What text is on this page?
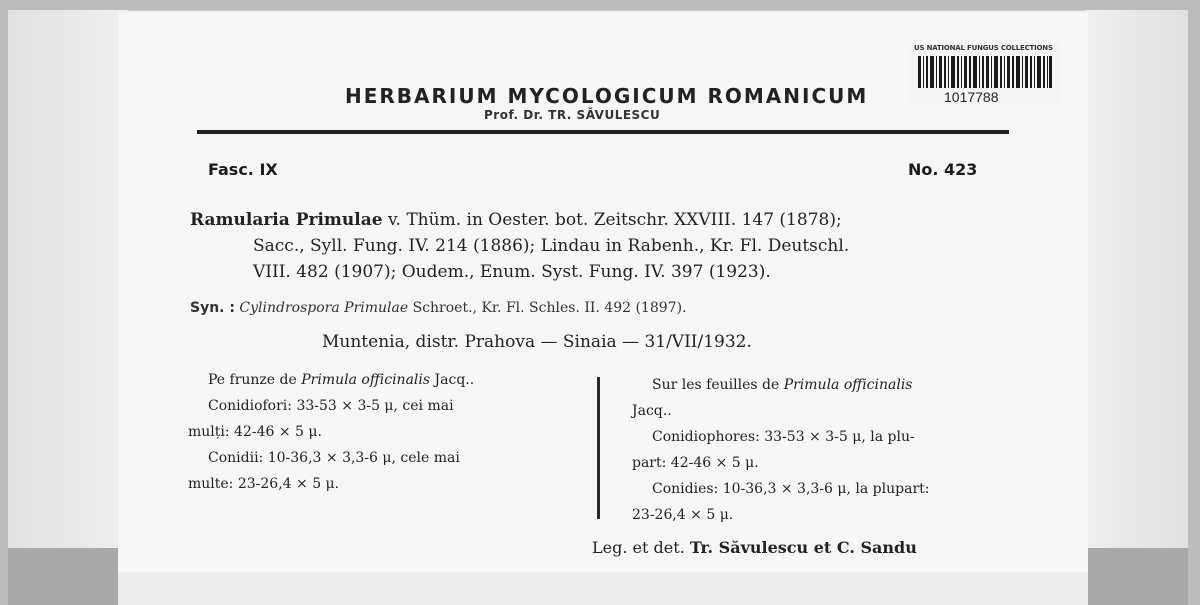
US NATIONAL FUNGUS COLLECTIONS
1017788
HERBARIUM MYCOLOGICUM ROMANICUM
Prof. Dr. TR. SĂVULESCU
Fasc. IX	No. 423
Ramularia Primulae v. Thüm. in Oester. bot. Zeitschr. XXVIII. 147 (1878);
Sacc., Syll. Fung. IV. 214 (1886); Lindau in Rabenh., Kr. Fl. Deutschl.
VIII. 482 (1907); Oudem., Enum. Syst. Fung. IV. 397 (1923).
Syn. : Cylindrospora Primulae Schroet., Kr. Fl. Schles. II. 492 (1897).
Muntenia, distr. Prahova — Sinaia — 31/VII/1932.
Pe frunze de Primula officinalis Jacq..
Conidiofori: 33-53 × 3-5 μ, cei mai
mulți: 42-46 × 5 μ.
Conidii: 10-36,3 × 3,3-6 μ, cele mai
multe: 23-26,4 × 5 μ.
Sur les feuilles de Primula officinalis
Jacq..
Conidiophores: 33-53 × 3-5 μ, la plu-
part: 42-46 × 5 μ.
Conidies: 10-36,3 × 3,3-6 μ, la plupart:
23-26,4 × 5 μ.
Leg. et det. Tr. Săvulescu et C. Sandu
